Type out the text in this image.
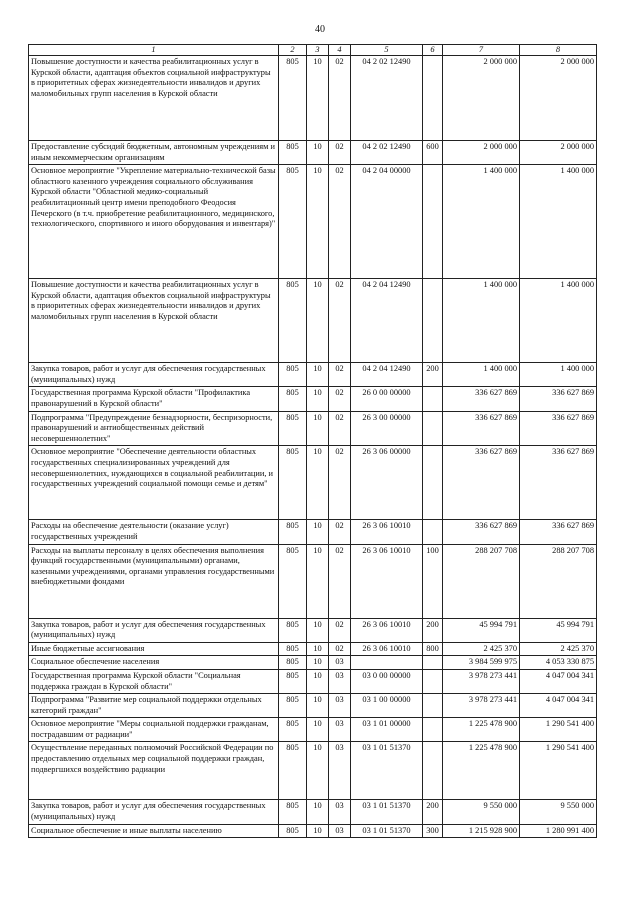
40
1	2	3	4	5	6	7	8
Повышение доступности и качества реабилитационных услуг в Курской области, адаптация объектов социальной инфраструктуры в приоритетных сферах жизнедеятельности инвалидов и других маломобильных групп населения в Курской области	805	10	02	04 2 02 12490		2 000 000	2 000 000
Предоставление субсидий бюджетным, автономным учреждениям и иным некоммерческим организациям	805	10	02	04 2 02 12490	600	2 000 000	2 000 000
Основное мероприятие "Укрепление материально-технической базы областного казенного учреждения социального обслуживания Курской области "Областной медико-социальный реабилитационный центр имени преподобного Феодосия Печерского (в т.ч. приобретение реабилитационного, медицинского, технологического, спортивного и иного оборудования и инвентаря)"	805	10	02	04 2 04 00000		1 400 000	1 400 000
Повышение доступности и качества реабилитационных услуг в Курской области, адаптация объектов социальной инфраструктуры в приоритетных сферах жизнедеятельности инвалидов и других маломобильных групп населения в Курской области	805	10	02	04 2 04 12490		1 400 000	1 400 000
Закупка товаров, работ и услуг для обеспечения государственных (муниципальных) нужд	805	10	02	04 2 04 12490	200	1 400 000	1 400 000
Государственная программа Курской области "Профилактика правонарушений в Курской области"	805	10	02	26 0 00 00000		336 627 869	336 627 869
Подпрограмма "Предупреждение безнадзорности, беспризорности, правонарушений и антиобщественных действий несовершеннолетних"	805	10	02	26 3 00 00000		336 627 869	336 627 869
Основное мероприятие "Обеспечение деятельности областных государственных специализированных учреждений для несовершеннолетних, нуждающихся в социальной реабилитации, и государственных учреждений социальной помощи семье и детям"	805	10	02	26 3 06 00000		336 627 869	336 627 869
Расходы на обеспечение деятельности (оказание услуг) государственных учреждений	805	10	02	26 3 06 10010		336 627 869	336 627 869
Расходы на выплаты персоналу в целях обеспечения выполнения функций государственными (муниципальными) органами, казенными учреждениями, органами управления государственными внебюджетными фондами	805	10	02	26 3 06 10010	100	288 207 708	288 207 708
Закупка товаров, работ и услуг для обеспечения государственных (муниципальных) нужд	805	10	02	26 3 06 10010	200	45 994 791	45 994 791
Иные бюджетные ассигнования	805	10	02	26 3 06 10010	800	2 425 370	2 425 370
Социальное обеспечение населения	805	10	03			3 984 599 975	4 053 330 875
Государственная программа Курской области "Социальная поддержка граждан в Курской области"	805	10	03	03 0 00 00000		3 978 273 441	4 047 004 341
Подпрограмма "Развитие мер социальной поддержки отдельных категорий граждан"	805	10	03	03 1 00 00000		3 978 273 441	4 047 004 341
Основное мероприятие "Меры социальной поддержки гражданам, пострадавшим от радиации"	805	10	03	03 1 01 00000		1 225 478 900	1 290 541 400
Осуществление переданных полномочий Российской Федерации по предоставлению отдельных мер социальной поддержки граждан, подвергшихся воздействию радиации	805	10	03	03 1 01 51370		1 225 478 900	1 290 541 400
Закупка товаров, работ и услуг для обеспечения государственных (муниципальных) нужд	805	10	03	03 1 01 51370	200	9 550 000	9 550 000
Социальное обеспечение и иные выплаты населению	805	10	03	03 1 01 51370	300	1 215 928 900	1 280 991 400
